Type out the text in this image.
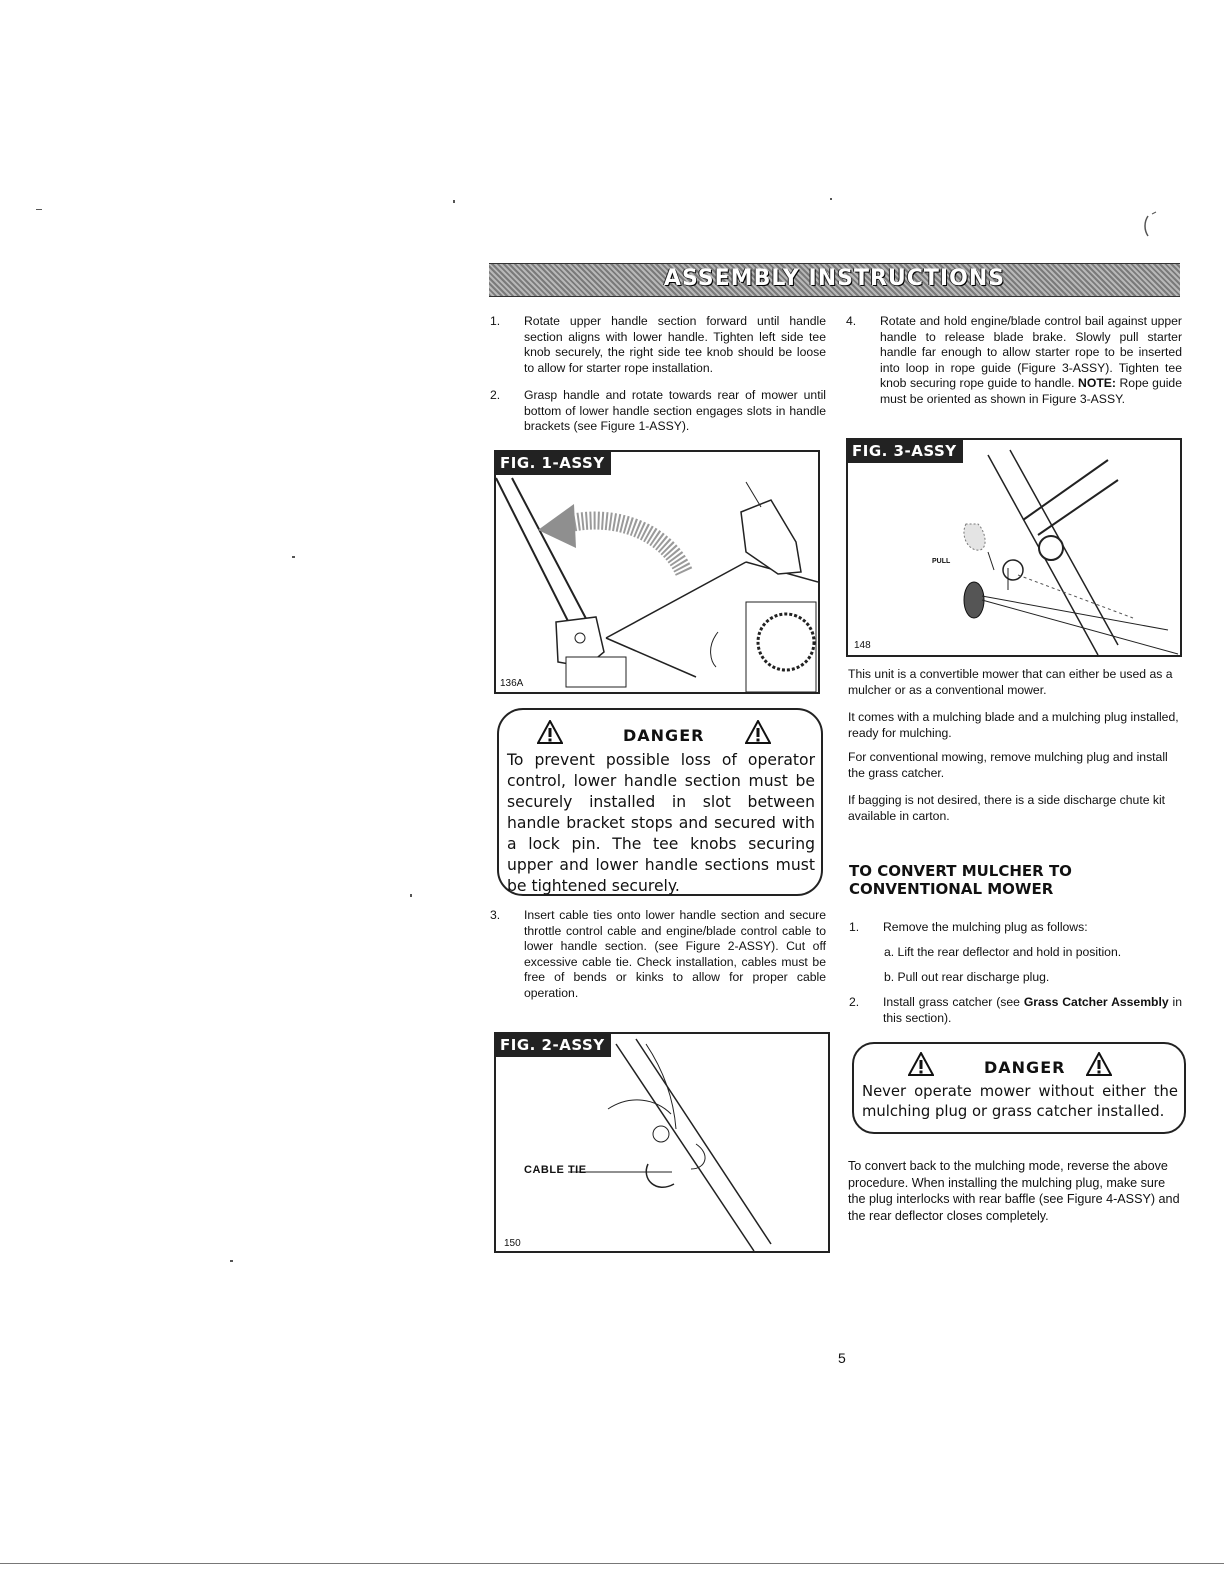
ASSEMBLY INSTRUCTIONS
1. Rotate upper handle section forward until handle section aligns with lower handle. Tighten left side tee knob securely, the right side tee knob should be loose to allow for starter rope installation.
2. Grasp handle and rotate towards rear of mower until bottom of lower handle section engages slots in handle brackets (see Figure 1-ASSY).
FIG. 1-ASSY
136A
DANGER
To prevent possible loss of operator control, lower handle section must be securely installed in slot between handle bracket stops and secured with a lock pin. The tee knobs securing upper and lower handle sections must be tightened securely.
3. Insert cable ties onto lower handle section and secure throttle control cable and engine/blade control cable to lower handle section. (see Figure 2-ASSY). Cut off excessive cable tie. Check installation, cables must be free of bends or kinks to allow for proper cable operation.
FIG. 2-ASSY
CABLE TIE
150
4. Rotate and hold engine/blade control bail against upper handle to release blade brake. Slowly pull starter handle far enough to allow starter rope to be inserted into loop in rope guide (Figure 3-ASSY). Tighten tee knob securing rope guide to handle. NOTE: Rope guide must be oriented as shown in Figure 3-ASSY.
FIG. 3-ASSY
PULL
148
This unit is a convertible mower that can either be used as a mulcher or as a conventional mower.
It comes with a mulching blade and a mulching plug installed, ready for mulching.
For conventional mowing, remove mulching plug and install the grass catcher.
If bagging is not desired, there is a side discharge chute kit available in carton.
TO CONVERT MULCHER TO
CONVENTIONAL MOWER
1. Remove the mulching plug as follows:
a. Lift the rear deflector and hold in position.
b. Pull out rear discharge plug.
2. Install grass catcher (see Grass Catcher Assembly in this section).
DANGER
Never operate mower without either the mulching plug or grass catcher installed.
To convert back to the mulching mode, reverse the above procedure. When installing the mulching plug, make sure the plug interlocks with rear baffle (see Figure 4-ASSY) and the rear deflector closes completely.
5
